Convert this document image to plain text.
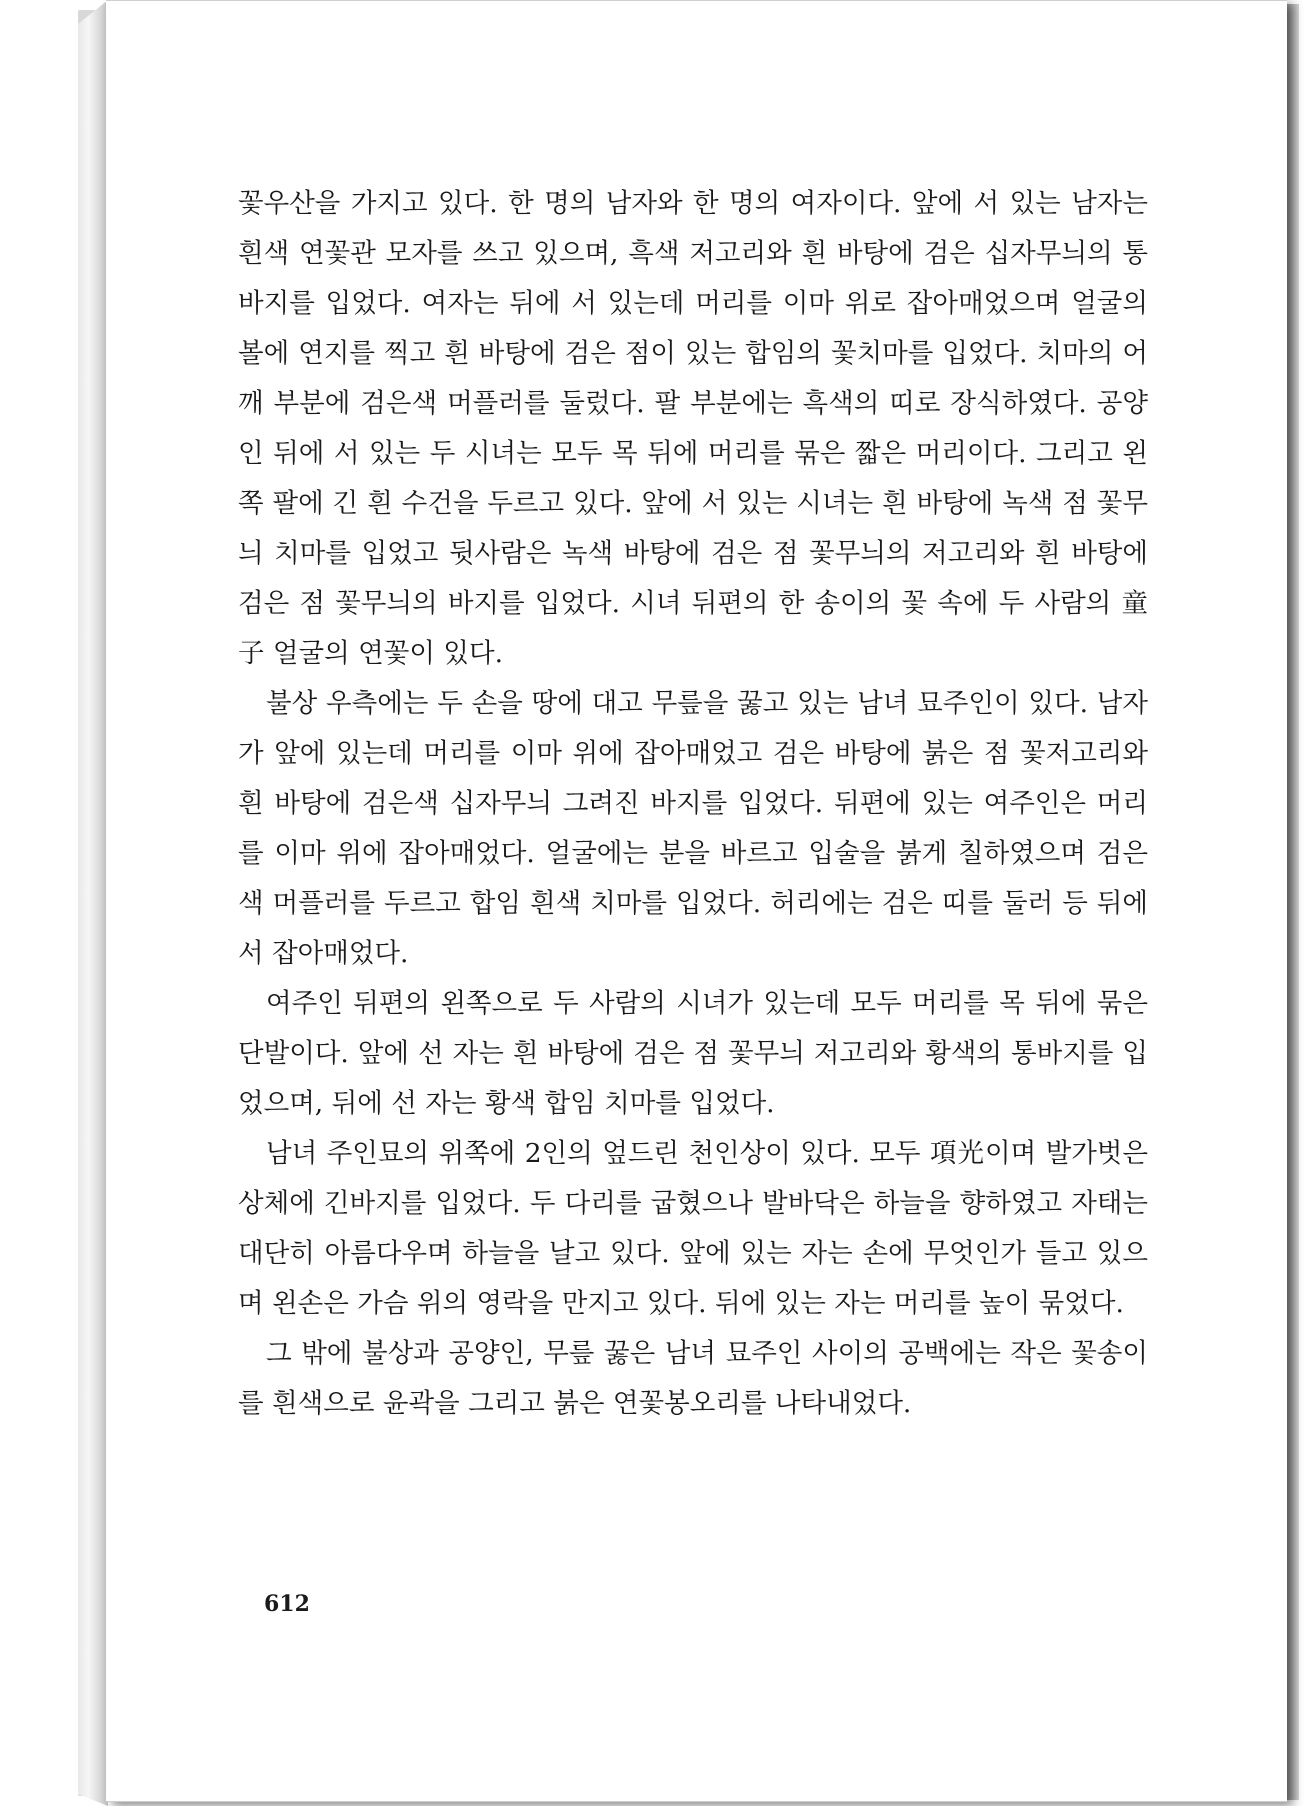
꽃우산을 가지고 있다. 한 명의 남자와 한 명의 여자이다. 앞에 서 있는 남자는 흰색 연꽃관 모자를 쓰고 있으며, 흑색 저고리와 흰 바탕에 검은 십자무늬의 통바지를 입었다. 여자는 뒤에 서 있는데 머리를 이마 위로 잡아매었으며 얼굴의 볼에 연지를 찍고 흰 바탕에 검은 점이 있는 합임의 꽃치마를 입었다. 치마의 어깨 부분에 검은색 머플러를 둘렀다. 팔 부분에는 흑색의 띠로 장식하였다. 공양인 뒤에 서 있는 두 시녀는 모두 목 뒤에 머리를 묶은 짧은 머리이다. 그리고 왼쪽 팔에 긴 흰 수건을 두르고 있다. 앞에 서 있는 시녀는 흰 바탕에 녹색 점 꽃무늬 치마를 입었고 뒷사람은 녹색 바탕에 검은 점 꽃무늬의 저고리와 흰 바탕에 검은 점 꽃무늬의 바지를 입었다. 시녀 뒤편의 한 송이의 꽃 속에 두 사람의 童子 얼굴의 연꽃이 있다.

불상 우측에는 두 손을 땅에 대고 무릎을 꿇고 있는 남녀 묘주인이 있다. 남자가 앞에 있는데 머리를 이마 위에 잡아매었고 검은 바탕에 붉은 점 꽃저고리와 흰 바탕에 검은색 십자무늬 그려진 바지를 입었다. 뒤편에 있는 여주인은 머리를 이마 위에 잡아매었다. 얼굴에는 분을 바르고 입술을 붉게 칠하였으며 검은색 머플러를 두르고 합임 흰색 치마를 입었다. 허리에는 검은 띠를 둘러 등 뒤에서 잡아매었다.

여주인 뒤편의 왼쪽으로 두 사람의 시녀가 있는데 모두 머리를 목 뒤에 묶은 단발이다. 앞에 선 자는 흰 바탕에 검은 점 꽃무늬 저고리와 황색의 통바지를 입었으며, 뒤에 선 자는 황색 합임 치마를 입었다.

남녀 주인묘의 위쪽에 2인의 엎드린 천인상이 있다. 모두 項光이며 발가벗은 상체에 긴바지를 입었다. 두 다리를 굽혔으나 발바닥은 하늘을 향하였고 자태는 대단히 아름다우며 하늘을 날고 있다. 앞에 있는 자는 손에 무엇인가 들고 있으며 왼손은 가슴 위의 영락을 만지고 있다. 뒤에 있는 자는 머리를 높이 묶었다.

그 밖에 불상과 공양인, 무릎 꿇은 남녀 묘주인 사이의 공백에는 작은 꽃송이를 흰색으로 윤곽을 그리고 붉은 연꽃봉오리를 나타내었다.

612
